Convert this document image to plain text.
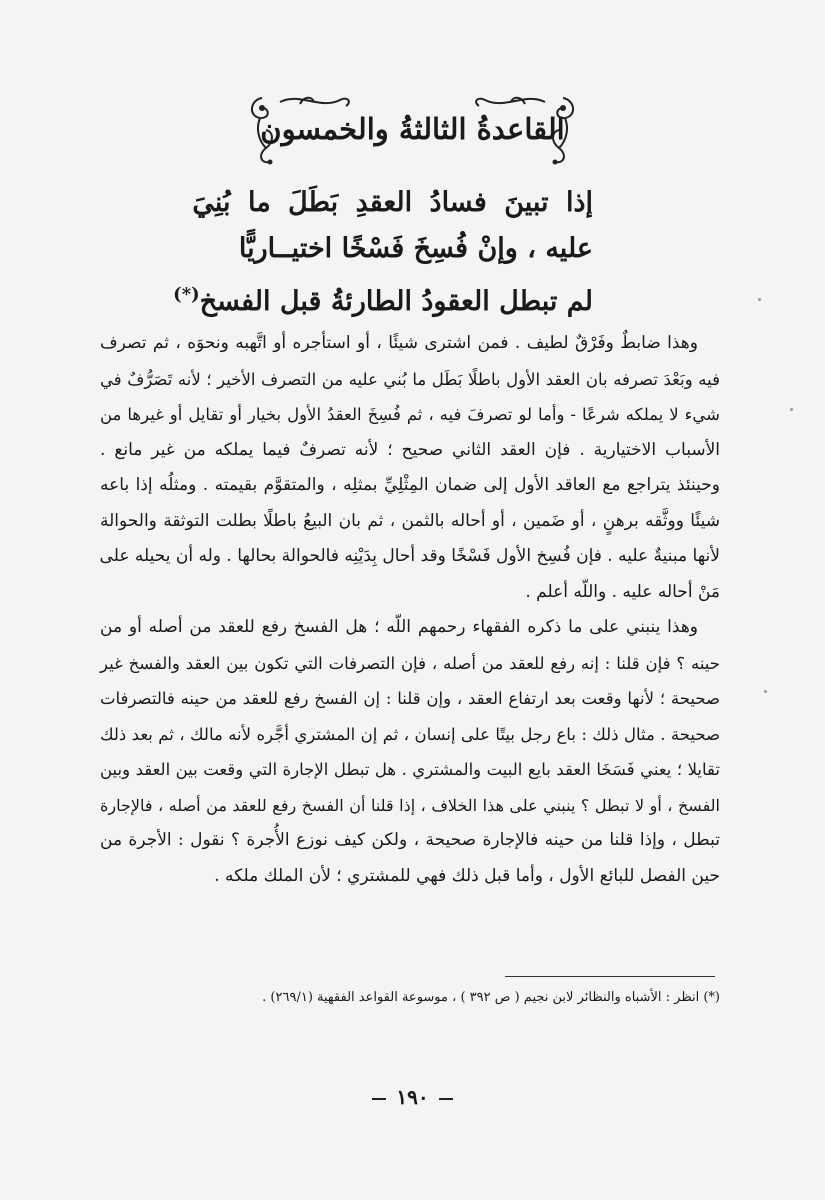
القاعدةُ الثالثةُ والخمسون
إذا تبينَ فسادُ العقدِ بَطَلَ ما بُنِيَ
عليه ، وإنْ فُسِخَ فَسْخًا اختيــاريًّا
لم تبطل العقودُ الطارئةُ قبل الفسخ(*)

وهذا ضابطٌ وفَرْقٌ لطيف . فمن اشترى شيئًا ، أو استأجره أو اتَّهبه ونحوَه ، ثم تصرف
فيه وبَعْدَ تصرفه بان العقد الأول باطلًا بَطَل ما بُني عليه من التصرف الأخير ؛ لأنه تَصَرُّفٌ في
شيء لا يملكه شرعًا - وأما لو تصرفَ فيه ، ثم فُسِخَ العقدُ الأول بخيار أو تقايل أو غيرها من
الأسباب الاختيارية . فإن العقد الثاني صحيح ؛ لأنه تصرفٌ فيما يملكه من غير مانع .
وحينئذ يتراجع مع العاقد الأول إلى ضمان المِثْلِيِّ بمثلِه ، والمتقوَّم بقيمته . ومثلُه إذا باعه
شيئًا ووثَّقه برهنٍ ، أو ضَمين ، أو أحاله بالثمن ، ثم بان البيعُ باطلًا بطلت التوثقة والحوالة
لأنها مبنيةٌ عليه . فإن فُسِخ الأول فَسْخًا وقد أحال بِدَيْنِه فالحوالة بحالها . وله أن يحيله على
مَنْ أحاله عليه . واللّه أعلم .

وهذا ينبني على ما ذكره الفقهاء رحمهم اللّه ؛ هل الفسخ رفع للعقد من أصله أو من
حينه ؟ فإن قلنا : إنه رفع للعقد من أصله ، فإن التصرفات التي تكون بين العقد والفسخ غير
صحيحة ؛ لأنها وقعت بعد ارتفاع العقد ، وإن قلنا : إن الفسخ رفع للعقد من حينه فالتصرفات
صحيحة . مثال ذلك : باع رجل بيتًا على إنسان ، ثم إن المشتري أجَّره لأنه مالك ، ثم بعد ذلك
تقايلا ؛ يعني فَسَخَا العقد بايع البيت والمشتري . هل تبطل الإجارة التي وقعت بين العقد وبين
الفسخ ، أو لا تبطل ؟ ينبني على هذا الخلاف ، إذا قلنا أن الفسخ رفع للعقد من أصله ، فالإجارة
تبطل ، وإذا قلنا من حينه فالإجارة صحيحة ، ولكن كيف نوزع الأُجرة ؟ نقول : الأجرة من
حين الفصل للبائع الأول ، وأما قبل ذلك فهي للمشتري ؛ لأن الملك ملكه .

(*) انظر : الأشباه والنظائر لابن نجيم ( ص ٣٩٢ ) ، موسوعة القواعد الفقهية (٢٦٩/١) .
١٩٠
